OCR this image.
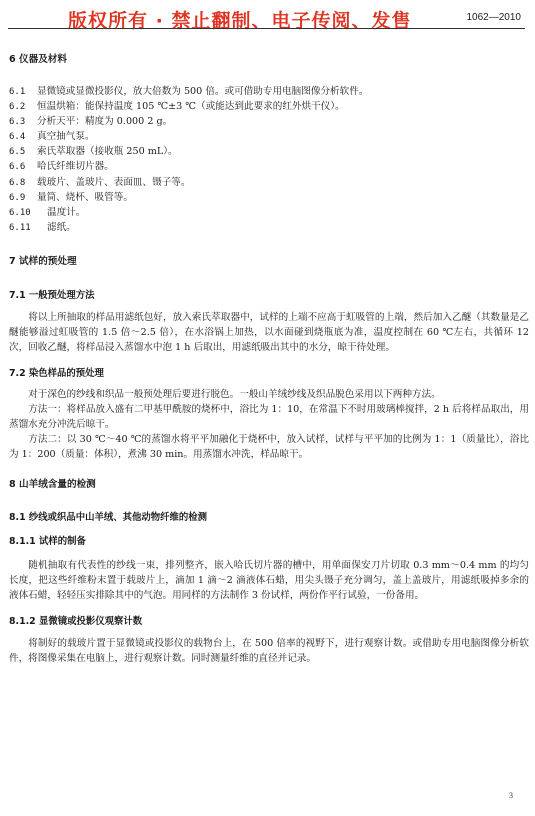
版权所有 · 禁止翻制、电子传阅、发售	1062—2010

6 仪器及材料

6.1 显微镜或显微投影仪，放大倍数为 500 倍。或可借助专用电脑图像分析软件。

6.2 恒温烘箱：能保持温度 105 ℃±3 ℃（或能达到此要求的红外烘干仪）。

6.3 分析天平：精度为 0.000 2 g。

6.4 真空抽气泵。

6.5 索氏萃取器（接收瓶 250 mL）。

6.6 哈氏纤维切片器。

6.8 载玻片、盖玻片、表面皿、镊子等。

6.9 量筒、烧杯、吸管等。

6.10 温度计。

6.11 滤纸。

7 试样的预处理

7.1 一般预处理方法

将以上所抽取的样品用滤纸包好，放入索氏萃取器中，试样的上端不应高于虹吸管的上端，然后加入乙醚（其数量是乙醚能够溢过虹吸管的 1.5 倍～2.5 倍），在水浴锅上加热，以水面碰到烧瓶底为准，温度控制在 60 ℃左右，共循环 12 次，回收乙醚，将样品浸入蒸馏水中泡 1 h 后取出，用滤纸吸出其中的水分，晾干待处理。

7.2 染色样品的预处理

对于深色的纱线和织品一般预处理后要进行脱色。一般山羊绒纱线及织品脱色采用以下两种方法。

方法一：将样品放入盛有二甲基甲酰胺的烧杯中，浴比为 1：10，在常温下不时用玻璃棒搅拌，2 h 后将样品取出，用蒸馏水充分冲洗后晾干。

方法二：以 30 ℃～40 ℃的蒸馏水将平平加融化于烧杯中，放入试样，试样与平平加的比例为 1：1（质量比），浴比为 1：200（质量：体积），煮沸 30 min。用蒸馏水冲洗，样品晾干。

8 山羊绒含量的检测

8.1 纱线或织品中山羊绒、其他动物纤维的检测

8.1.1 试样的制备

随机抽取有代表性的纱线一束，排列整齐，嵌入哈氏切片器的槽中，用单面保安刀片切取 0.3 mm～0.4 mm 的均匀长度，把这些纤维粉末置于载玻片上，滴加 1 滴～2 滴液体石蜡，用尖头镊子充分调匀，盖上盖玻片，用滤纸吸掉多余的液体石蜡，轻轻压实排除其中的气泡。用同样的方法制作 3 份试样，两份作平行试验，一份备用。

8.1.2 显微镜或投影仪观察计数

将制好的载玻片置于显微镜或投影仪的载物台上，在 500 倍率的视野下，进行观察计数。或借助专用电脑图像分析软件，将图像采集在电脑上，进行观察计数。同时测量纤维的直径并记录。

3
